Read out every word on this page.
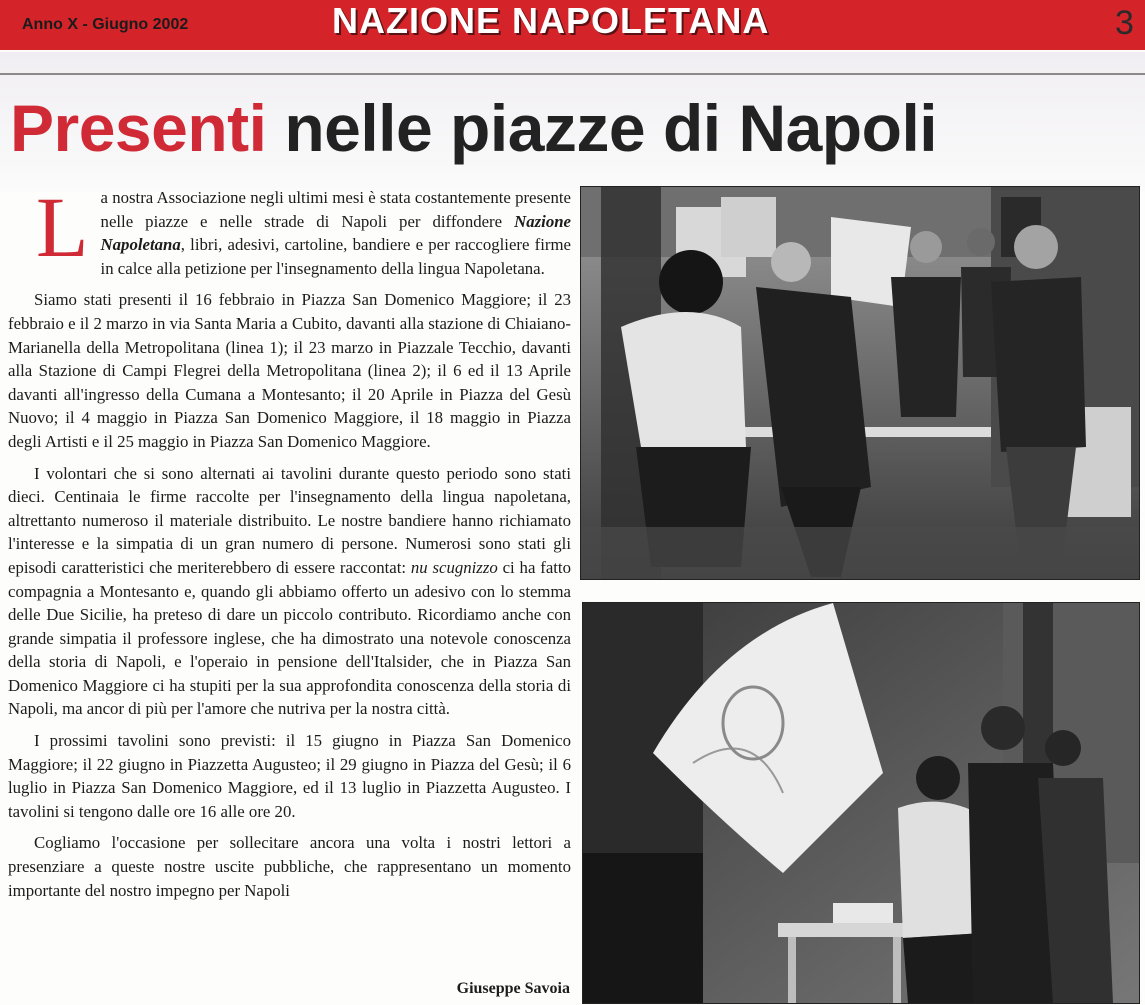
Anno X - Giugno 2002	NAZIONE NAPOLETANA	3
Presenti nelle piazze di Napoli

La nostra Associazione negli ultimi mesi è stata costantemente presente nelle piazze e nelle strade di Napoli per diffondere Nazione Napoletana, libri, adesivi, cartoline, bandiere e per raccogliere firme in calce alla petizione per l'insegnamento della lingua Napoletana.

Siamo stati presenti il 16 febbraio in Piazza San Domenico Maggiore; il 23 febbraio e il 2 marzo in via Santa Maria a Cubito, davanti alla stazione di Chiaiano-Marianella della Metropolitana (linea 1); il 23 marzo in Piazzale Tecchio, davanti alla Stazione di Campi Flegrei della Metropolitana (linea 2); il 6 ed il 13 Aprile davanti all'ingresso della Cumana a Montesanto; il 20 Aprile in Piazza del Gesù Nuovo; il 4 maggio in Piazza San Domenico Maggiore, il 18 maggio in Piazza degli Artisti e il 25 maggio in Piazza San Domenico Maggiore.

I volontari che si sono alternati ai tavolini durante questo periodo sono stati dieci. Centinaia le firme raccolte per l'insegnamento della lingua napoletana, altrettanto numeroso il materiale distribuito. Le nostre bandiere hanno richiamato l'interesse e la simpatia di un gran numero di persone. Numerosi sono stati gli episodi caratteristici che meriterebbero di essere raccontat: nu scugnizzo ci ha fatto compagnia a Montesanto e, quando gli abbiamo offerto un adesivo con lo stemma delle Due Sicilie, ha preteso di dare un piccolo contributo. Ricordiamo anche con grande simpatia il professore inglese, che ha dimostrato una notevole conoscenza della storia di Napoli, e l'operaio in pensione dell'Italsider, che in Piazza San Domenico Maggiore ci ha stupiti per la sua approfondita conoscenza della storia di Napoli, ma ancor di più per l'amore che nutriva per la nostra città.

I prossimi tavolini sono previsti: il 15 giugno in Piazza San Domenico Maggiore; il 22 giugno in Piazzetta Augusteo; il 29 giugno in Piazza del Gesù; il 6 luglio in Piazza San Domenico Maggiore, ed il 13 luglio in Piazzetta Augusteo. I tavolini si tengono dalle ore 16 alle ore 20.

Cogliamo l'occasione per sollecitare ancora una volta i nostri lettori a presenziare a queste nostre uscite pubbliche, che rappresentano un momento importante del nostro impegno per Napoli

Giuseppe Savoia
